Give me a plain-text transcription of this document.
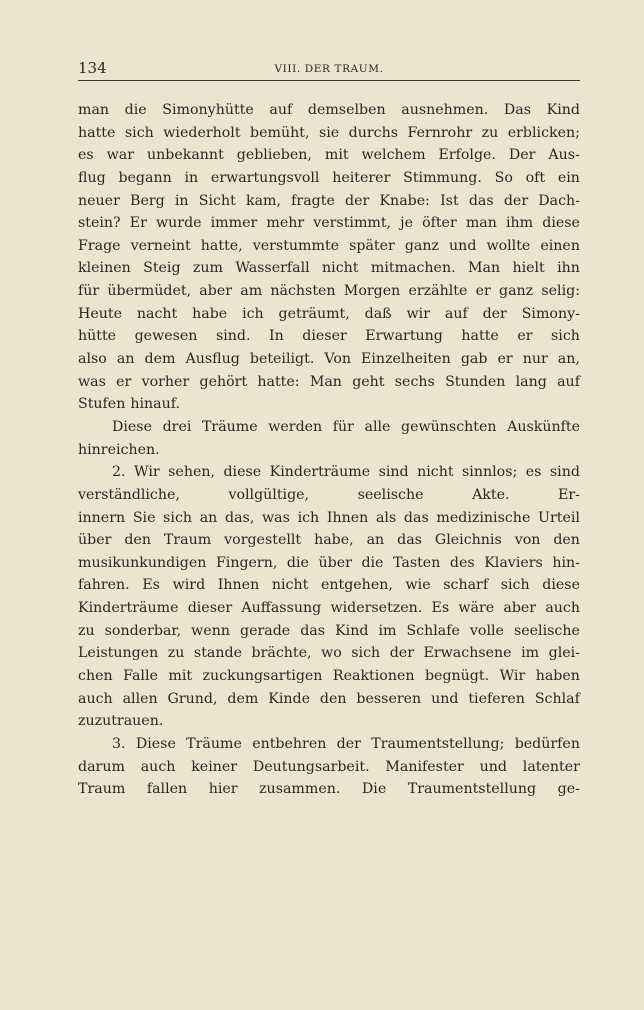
134	VIII. DER TRAUM.
man die Simonyhütte auf demselben ausnehmen. Das Kind
hatte sich wiederholt bemüht, sie durchs Fernrohr zu erblicken;
es war unbekannt geblieben, mit welchem Erfolge. Der Aus-
flug begann in erwartungsvoll heiterer Stimmung. So oft ein
neuer Berg in Sicht kam, fragte der Knabe: Ist das der Dach-
stein? Er wurde immer mehr verstimmt, je öfter man ihm diese
Frage verneint hatte, verstummte später ganz und wollte einen
kleinen Steig zum Wasserfall nicht mitmachen. Man hielt ihn
für übermüdet, aber am nächsten Morgen erzählte er ganz selig:
Heute nacht habe ich geträumt, daß wir auf der Simony-
hütte gewesen sind. In dieser Erwartung hatte er sich
also an dem Ausflug beteiligt. Von Einzelheiten gab er nur an,
was er vorher gehört hatte: Man geht sechs Stunden lang auf
Stufen hinauf.
Diese drei Träume werden für alle gewünschten Auskünfte
hinreichen.
2. Wir sehen, diese Kinderträume sind nicht sinnlos; es sind
verständliche,	vollgültige,	seelische	Akte.	Er-
innern Sie sich an das, was ich Ihnen als das medizinische Urteil
über den Traum vorgestellt habe, an das Gleichnis von den
musikunkundigen Fingern, die über die Tasten des Klaviers hin-
fahren. Es wird Ihnen nicht entgehen, wie scharf sich diese
Kinderträume dieser Auffassung widersetzen. Es wäre aber auch
zu sonderbar, wenn gerade das Kind im Schlafe volle seelische
Leistungen zu stande brächte, wo sich der Erwachsene im glei-
chen Falle mit zuckungsartigen Reaktionen begnügt. Wir haben
auch allen Grund, dem Kinde den besseren und tieferen Schlaf
zuzutrauen.
3. Diese Träume entbehren der Traumentstellung; bedürfen
darum auch keiner Deutungsarbeit. Manifester und latenter
Traum fallen hier zusammen. Die Traumentstellung ge-
